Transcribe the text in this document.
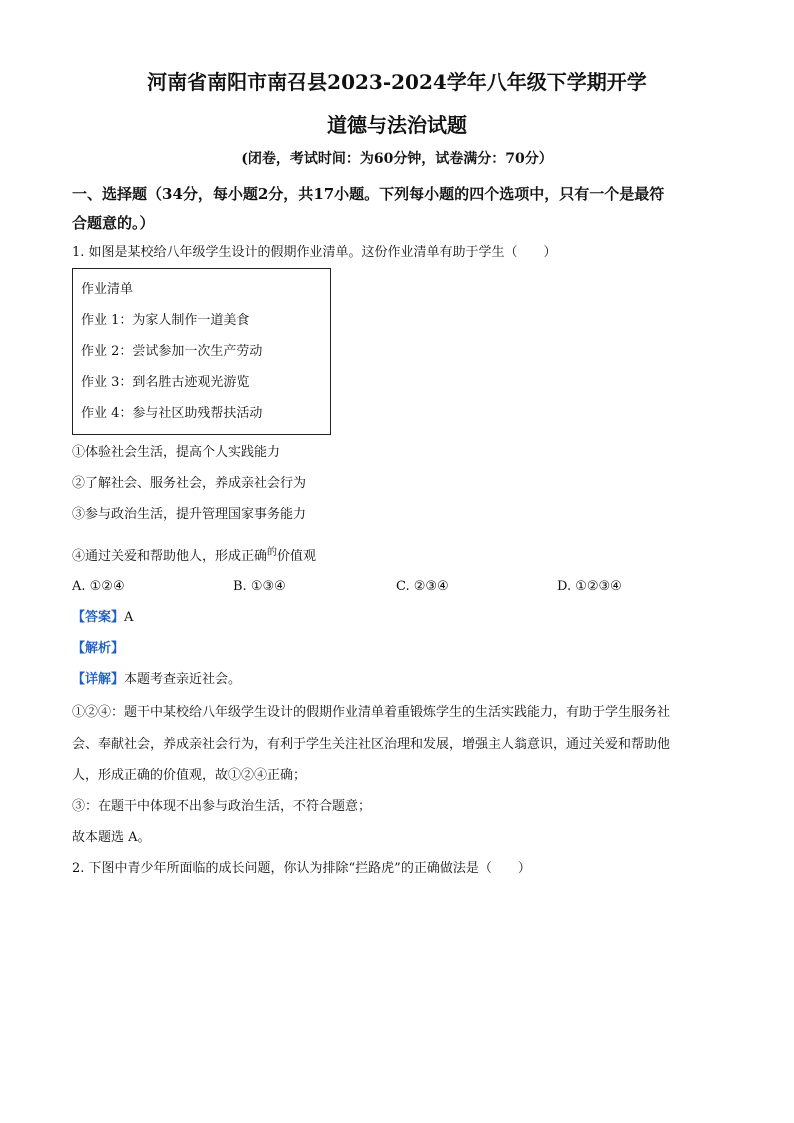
河南省南阳市南召县2023-2024学年八年级下学期开学
道德与法治试题
(闭卷，考试时间：为60分钟，试卷满分：70分）
一、选择题（34分，每小题2分，共17小题。下列每小题的四个选项中，只有一个是最符
合题意的。）
1. 如图是某校给八年级学生设计的假期作业清单。这份作业清单有助于学生（　　）
作业清单
作业 1：为家人制作一道美食
作业 2：尝试参加一次生产劳动
作业 3：到名胜古迹观光游览
作业 4：参与社区助残帮扶活动
①体验社会生活，提高个人实践能力
②了解社会、服务社会，养成亲社会行为
③参与政治生活，提升管理国家事务能力
④通过关爱和帮助他人，形成正确$^的$价值观
A. ①②④	B. ①③④	C. ②③④	D. ①②③④
【答案】A
【解析】
【详解】本题考查亲近社会。
①②④：题干中某校给八年级学生设计的假期作业清单着重锻炼学生的生活实践能力，有助于学生服务社
会、奉献社会，养成亲社会行为，有利于学生关注社区治理和发展，增强主人翁意识，通过关爱和帮助他
人，形成正确的价值观，故①②④正确；
③：在题干中体现不出参与政治生活，不符合题意；
故本题选 A。
2. 下图中青少年所面临的成长问题，你认为排除“拦路虎”的正确做法是（　　）
